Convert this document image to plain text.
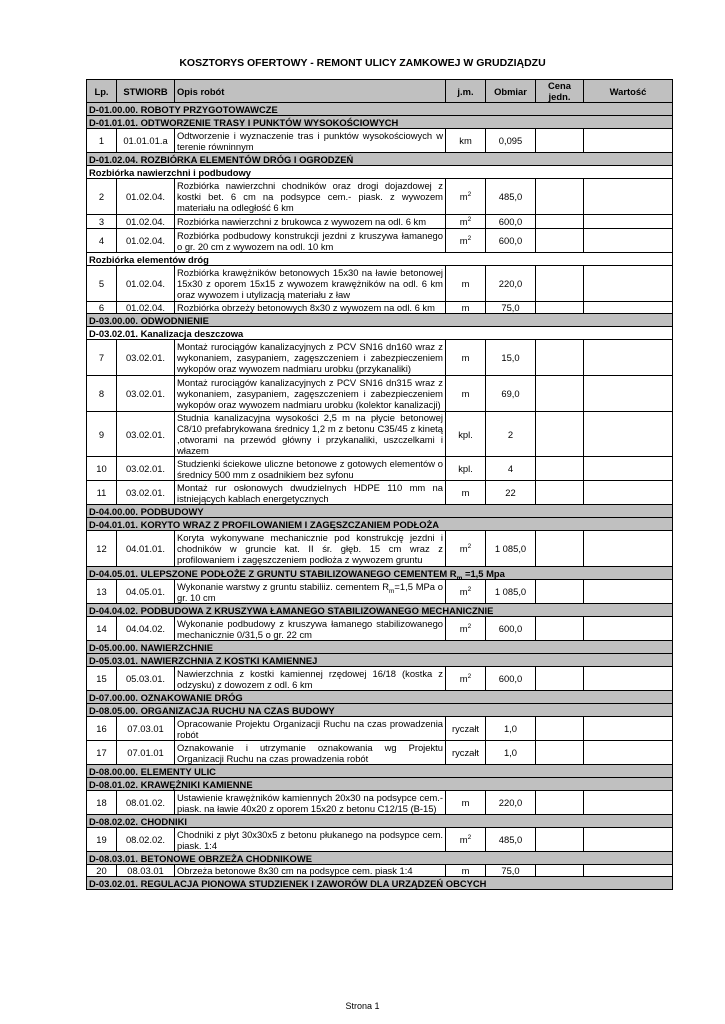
KOSZTORYS OFERTOWY - REMONT ULICY ZAMKOWEJ W GRUDZIĄDZU
Lp.	STWIORB	Opis robót	j.m.	Obmiar	Cena jedn.	Wartość
D-01.00.00. ROBOTY PRZYGOTOWAWCZE						
D-01.01.01. ODTWORZENIE TRASY I PUNKTÓW WYSOKOŚCIOWYCH						
1	01.01.01.a	Odtworzenie i wyznaczenie tras i punktów wysokościowych w terenie równinnym	km	0,095		
D-01.02.04. ROZBIÓRKA ELEMENTÓW DRÓG I OGRODZEŃ						
Rozbiórka nawierzchni i podbudowy						
2	01.02.04.	Rozbiórka nawierzchni chodników oraz drogi dojazdowej z kostki bet. 6 cm na podsypce cem.- piask. z wywozem materiału na odległość 6 km	$m^2$	485,0		
3	01.02.04.	Rozbiórka nawierzchni z brukowca z wywozem na odl. 6 km	$m^2$	600,0		
4	01.02.04.	Rozbiórka podbudowy konstrukcji jezdni z kruszywa łamanego o gr. 20 cm z wywozem na odl. 10 km	$m^2$	600,0		
Rozbiórka elementów dróg						
5	01.02.04.	Rozbiórka krawężników betonowych 15x30 na ławie betonowej 15x30 z oporem 15x15 z wywozem krawężników na odl. 6 km oraz wywozem i utylizacją materiału z ław	m	220,0		
6	01.02.04.	Rozbiórka obrzeży betonowych 8x30 z wywozem na odl. 6 km	m	75,0		
D-03.00.00. ODWODNIENIE						
D-03.02.01. Kanalizacja deszczowa						
7	03.02.01.	Montaż rurociągów kanalizacyjnych z PCV SN16 dn160 wraz z wykonaniem, zasypaniem, zagęszczeniem i zabezpieczeniem wykopów oraz wywozem nadmiaru urobku (przykanaliki)	m	15,0		
8	03.02.01.	Montaż rurociągów kanalizacyjnych z PCV SN16 dn315 wraz z wykonaniem, zasypaniem, zagęszczeniem i zabezpieczeniem wykopów oraz wywozem nadmiaru urobku (kolektor kanalizacji)	m	69,0		
9	03.02.01.	Studnia kanalizacyjna wysokości 2,5 m na płycie betonowej C8/10 prefabrykowana średnicy 1,2 m z betonu C35/45 z kinetą ,otworami na przewód główny i przykanaliki, uszczelkami i włazem	kpl.	2		
10	03.02.01.	Studzienki ściekowe uliczne betonowe z gotowych elementów o średnicy 500 mm z osadnikiem bez syfonu	kpl.	4		
11	03.02.01.	Montaż rur osłonowych dwudzielnych HDPE 110 mm na istniejących kablach energetycznych	m	22		
D-04.00.00. PODBUDOWY						
D-04.01.01. KORYTO WRAZ Z PROFILOWANIEM I ZAGĘSZCZANIEM PODŁOŻA						
12	04.01.01.	Koryta wykonywane mechanicznie pod konstrukcję jezdni i chodników w gruncie kat. II śr. głęb. 15 cm wraz z profilowaniem i zagęszczeniem podłoża z wywozem gruntu	$m^2$	1 085,0		
D-04.05.01. ULEPSZONE PODŁOŻE Z GRUNTU STABILIZOWANEGO CEMENTEM $R_m =1,5$ Mpa						
13	04.05.01.	Wykonanie warstwy z gruntu stabiliiz. cementem $R_m=1,5$ MPa o gr. 10 cm	$m^2$	1 085,0		
D-04.04.02. PODBUDOWA Z KRUSZYWA ŁAMANEGO STABILIZOWANEGO MECHANICZNIE						
14	04.04.02.	Wykonanie podbudowy z kruszywa łamanego stabilizowanego mechanicznie 0/31,5 o gr. 22 cm	$m^2$	600,0		
D-05.00.00. NAWIERZCHNIE						
D-05.03.01. NAWIERZCHNIA Z KOSTKI KAMIENNEJ						
15	05.03.01.	Nawierzchnia z kostki kamiennej rzędowej 16/18 (kostka z odzysku) z dowozem z odl. 6 km	$m^2$	600,0		
D-07.00.00. OZNAKOWANIE DRÓG						
D-08.05.00. ORGANIZACJA RUCHU NA CZAS BUDOWY						
16	07.03.01	Opracowanie Projektu Organizacji Ruchu na czas prowadzenia robót	ryczałt	1,0		
17	07.01.01	Oznakowanie i utrzymanie oznakowania wg Projektu Organizacji Ruchu na czas prowadzenia robót	ryczałt	1,0		
D-08.00.00. ELEMENTY ULIC						
D-08.01.02. KRAWĘŻNIKI KAMIENNE						
18	08.01.02.	Ustawienie krawężników kamiennych 20x30 na podsypce cem.-piask. na ławie 40x20 z oporem 15x20 z betonu C12/15 (B-15)	m	220,0		
D-08.02.02. CHODNIKI						
19	08.02.02.	Chodniki z płyt 30x30x5 z betonu płukanego na podsypce cem. piask. 1:4	$m^2$	485,0		
D-08.03.01. BETONOWE OBRZEŻA CHODNIKOWE						
20	08.03.01	Obrzeża betonowe 8x30 cm na podsypce cem. piask 1:4	m	75,0		
D-03.02.01. REGULACJA PIONOWA STUDZIENEK I ZAWORÓW DLA URZĄDZEŃ OBCYCH						
Strona 1
